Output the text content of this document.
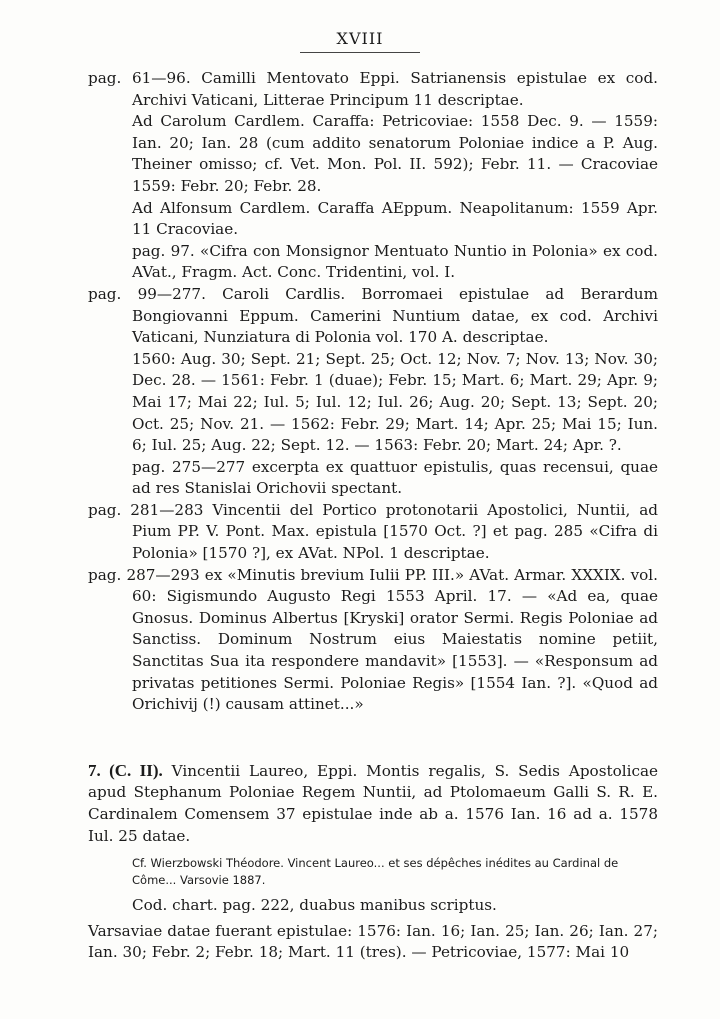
XVIII

pag. 61—96. Camilli Mentovato Eppi. Satrianensis epistulae ex cod. Archivi Vaticani, Litterae Principum 11 descriptae.

Ad Carolum Cardlem. Caraffa: Petricoviae: 1558 Dec. 9. — 1559: Ian. 20; Ian. 28 (cum addito senatorum Poloniae indice a P. Aug. Theiner omisso; cf. Vet. Mon. Pol. II. 592); Febr. 11. — Cracoviae 1559: Febr. 20; Febr. 28.

Ad Alfonsum Cardlem. Caraffa AEppum. Neapolitanum: 1559 Apr. 11 Cracoviae.

pag. 97. «Cifra con Monsignor Mentuato Nuntio in Polonia» ex cod. AVat., Fragm. Act. Conc. Tridentini, vol. I.

pag. 99—277. Caroli Cardlis. Borromaei epistulae ad Berardum Bongiovanni Eppum. Camerini Nuntium datae, ex cod. Archivi Vaticani, Nunziatura di Polonia vol. 170 A. descriptae.

1560: Aug. 30; Sept. 21; Sept. 25; Oct. 12; Nov. 7; Nov. 13; Nov. 30; Dec. 28. — 1561: Febr. 1 (duae); Febr. 15; Mart. 6; Mart. 29; Apr. 9; Mai 17; Mai 22; Iul. 5; Iul. 12; Iul. 26; Aug. 20; Sept. 13; Sept. 20; Oct. 25; Nov. 21. — 1562: Febr. 29; Mart. 14; Apr. 25; Mai 15; Iun. 6; Iul. 25; Aug. 22; Sept. 12. — 1563: Febr. 20; Mart. 24; Apr. ?.

pag. 275—277 excerpta ex quattuor epistulis, quas recensui, quae ad res Stanislai Orichovii spectant.

pag. 281—283 Vincentii del Portico protonotarii Apostolici, Nuntii, ad Pium PP. V. Pont. Max. epistula [1570 Oct. ?] et pag. 285 «Cifra di Polonia» [1570 ?], ex AVat. NPol. 1 descriptae.

pag. 287—293 ex «Minutis brevium Iulii PP. III.» AVat. Armar. XXXIX. vol. 60: Sigismundo Augusto Regi 1553 April. 17. — «Ad ea, quae Gnosus. Dominus Albertus [Kryski] orator Sermi. Regis Poloniae ad Sanctiss. Dominum Nostrum eius Maiestatis nomine petiit, Sanctitas Sua ita respondere mandavit» [1553]. — «Responsum ad privatas petitiones Sermi. Poloniae Regis» [1554 Ian. ?]. «Quod ad Orichivij (!) causam attinet...»

7. (C. II). Vincentii Laureo, Eppi. Montis regalis, S. Sedis Apostolicae apud Stephanum Poloniae Regem Nuntii, ad Ptolomaeum Galli S. R. E. Cardinalem Comensem 37 epistulae inde ab a. 1576 Ian. 16 ad a. 1578 Iul. 25 datae.

Cf. Wierzbowski Théodore. Vincent Laureo... et ses dépêches inédites au Cardinal de Côme... Varsovie 1887.

Cod. chart. pag. 222, duabus manibus scriptus.

Varsaviae datae fuerant epistulae: 1576: Ian. 16; Ian. 25; Ian. 26; Ian. 27; Ian. 30; Febr. 2; Febr. 18; Mart. 11 (tres). — Petricoviae, 1577: Mai 10
